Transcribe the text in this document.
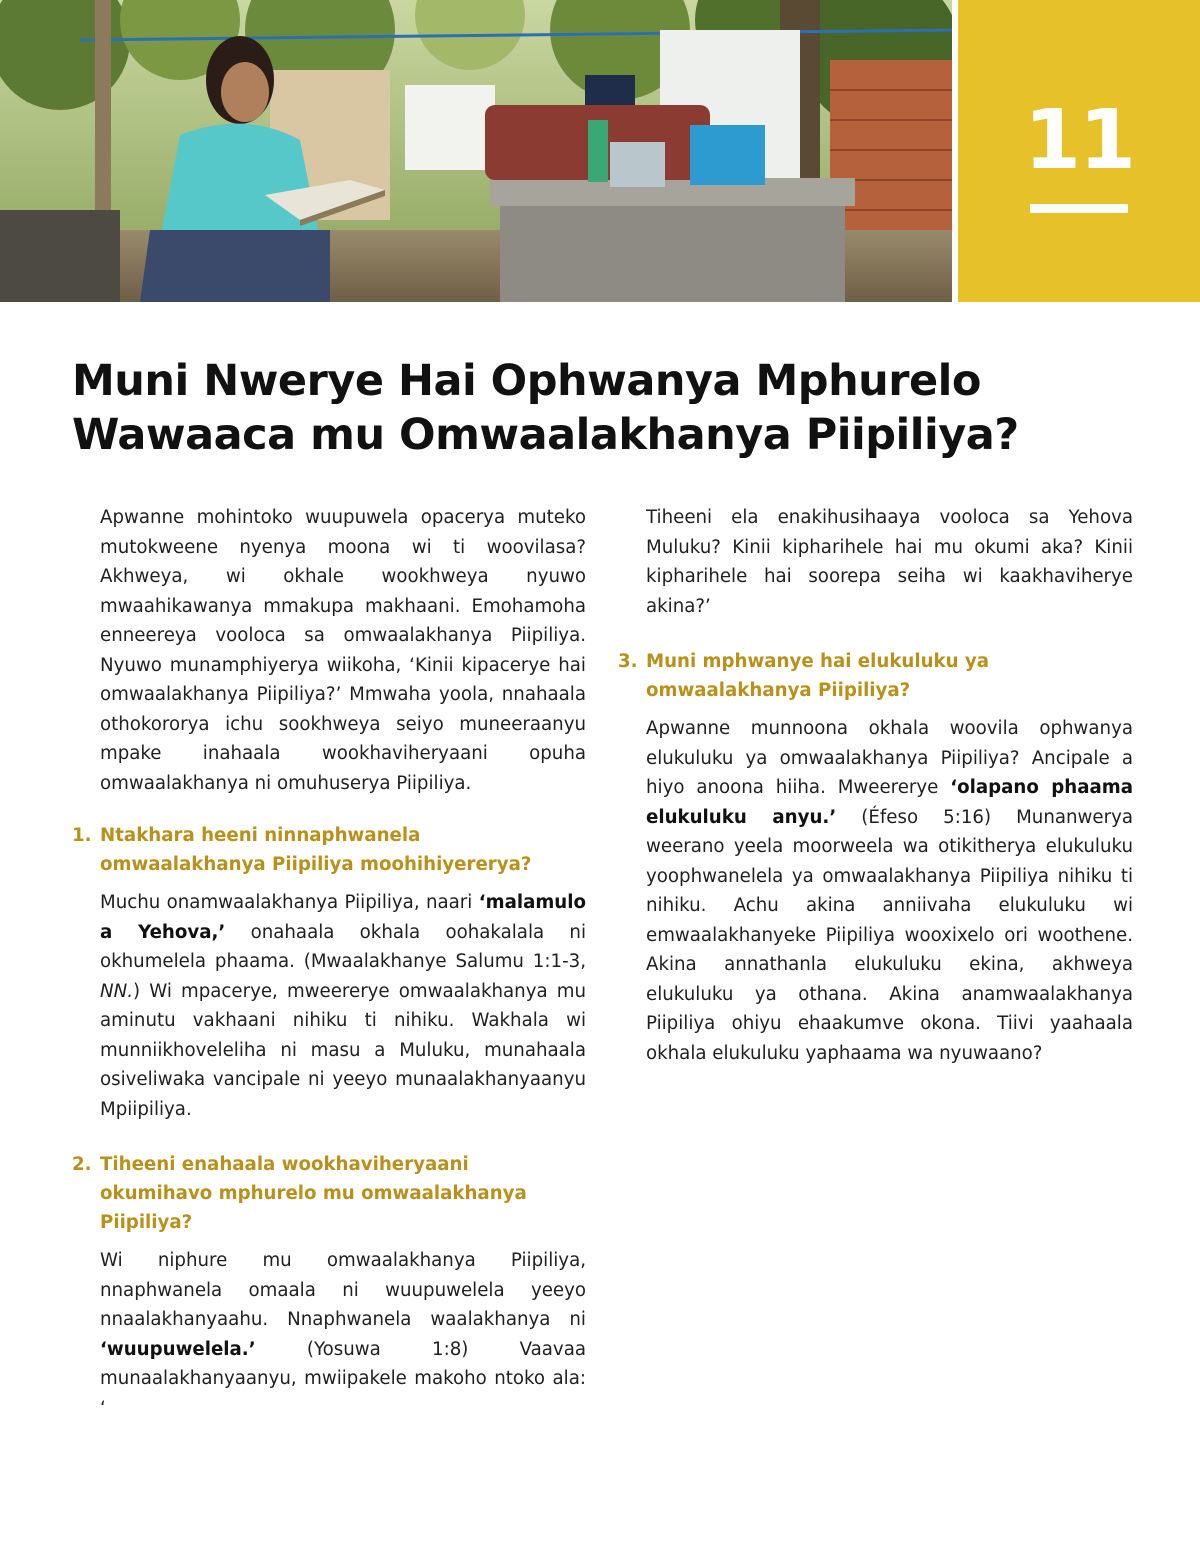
11
Muni Nwerye Hai Ophwanya Mphurelo
Wawaaca mu Omwaalakhanya Piipiliya?

Apwanne mohintoko wuupuwela opacerya muteko mutokweene nyenya moona wi ti woovilasa? Akhweya, wi okhale wookhweya nyuwo mwaahikawanya mmakupa makhaani. Emohamoha enneereya vooloca sa omwaalakhanya Piipiliya. Nyuwo munamphiyerya wiikoha, ‘Kinii kipaceryе hai omwaalakhanya Piipiliya?’ Mmwaha yoola, nnahaala othokororya ichu sookhweya seiyo muneeraanyu mpake inahaala wookhaviheryaani opuha omwaalakhanya ni omuhuserya Piipiliya.

1. Ntakhara heeni ninnaphwanela omwaalakhanya Piipiliya moohihiyererya?

Muchu onamwaalakhanya Piipiliya, naari ‘malamulo a Yehova,’ onahaala okhala oohakalala ni okhumelela phaama. (Mwaalakhanye Salumu 1:1-3, NN.) Wi mpaceryе, mweererye omwaalakhanya mu aminutu vakhaani nihiku ti nihiku. Wakhala wi munniikhoveleliha ni masu a Muluku, munahaala osiveliwaka vancipale ni yeeyo munaalakhanyaanyu Mpiipiliya.

2. Tiheeni enahaala wookhaviheryaani okumihavo mphurelo mu omwaalakhanya Piipiliya?

Wi niphure mu omwaalakhanya Piipiliya, nnaphwanela omaala ni wuupuwelela yeeyo nnaalakhanyaahu. Nnaphwanela waalakhanya ni ‘wuupuwelela.’ (Yosuwa 1:8) Vaavaa munaalakhanyaanyu, mwiipakele makoho ntoko ala: ‘

Tiheeni ela enakihusihaaya vooloca sa Yehova Muluku? Kinii kipharihele hai mu okumi aka? Kinii kipharihele hai soorepa seiha wi kaakhaviherye akina?’

3. Muni mphwanye hai elukuluku ya omwaalakhanya Piipiliya?

Apwanne munnoona okhala woovila ophwanya elukuluku ya omwaalakhanya Piipiliya? Ancipale a hiyo anoona hiiha. Mweererye ‘olapano phaama elukuluku anyu.’ (Éfeso 5:16) Munanwerya weerano yeela moorweela wa otikitherya elukuluku yoophwanelela ya omwaalakhanya Piipiliya nihiku ti nihiku. Achu akina anniivaha elukuluku wi emwaalakhanyeke Piipiliya wooxixelo ori woothene. Akina annathanla elukuluku ekina, akhweya elukuluku ya othana. Akina anamwaalakhanya Piipiliya ohiyu ehaakumve okona. Tiivi yaahaala okhala elukuluku yaphaama wa nyuwaano?
